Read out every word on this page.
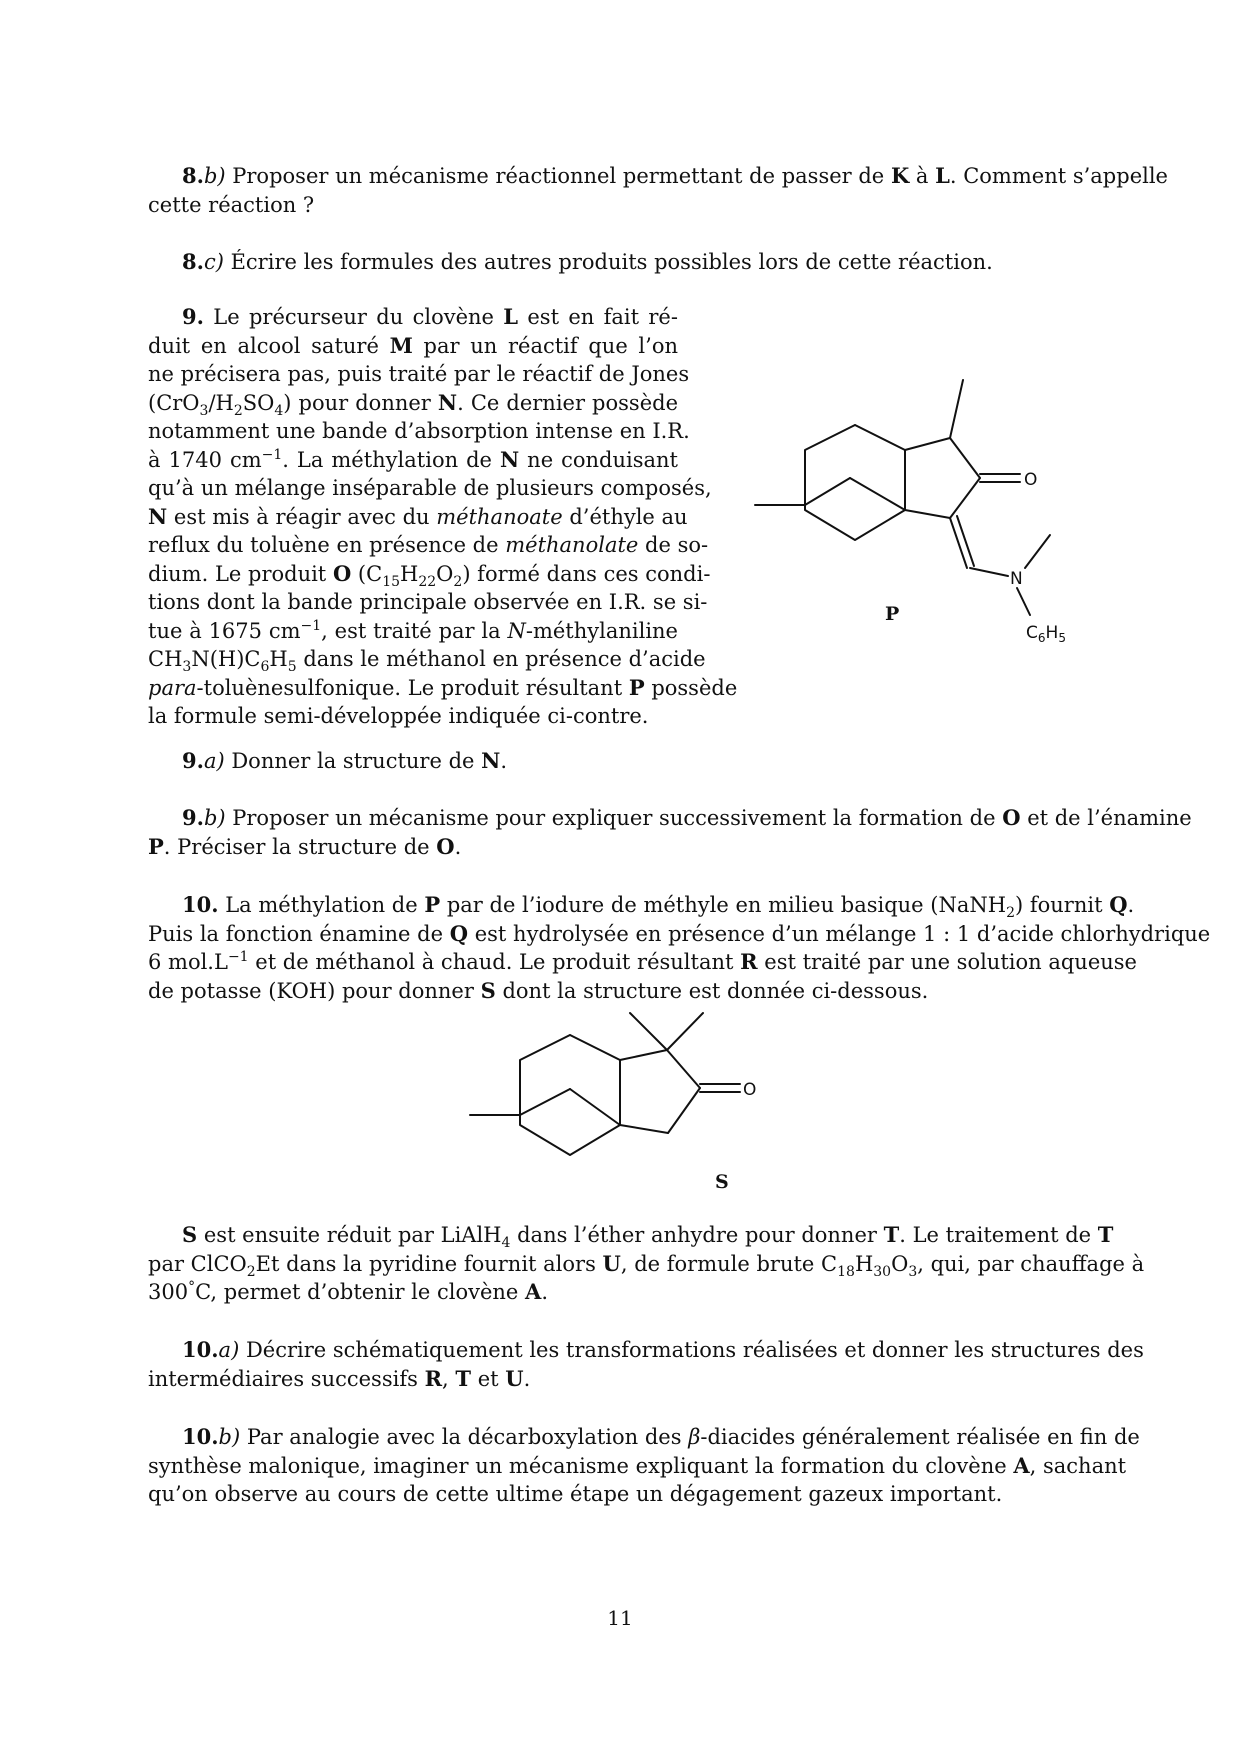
8.b) Proposer un mécanisme réactionnel permettant de passer de K à L. Comment s’appelle
cette réaction ?

8.c) Écrire les formules des autres produits possibles lors de cette réaction.

9. Le précurseur du clovène L est en fait ré-
duit en alcool saturé M par un réactif que l’on
ne précisera pas, puis traité par le réactif de Jones
$(CrO_3/H_2SO_4)$ pour donner N. Ce dernier possède
notamment une bande d’absorption intense en I.R.
à 1740 $cm^{-1}$. La méthylation de N ne conduisant
qu’à un mélange inséparable de plusieurs composés,
N est mis à réagir avec du méthanoate d’éthyle au
reflux du toluène en présence de méthanolate de so-
dium. Le produit O $(C_{15}H_{22}O_2)$ formé dans ces condi-
tions dont la bande principale observée en I.R. se si-
tue à 1675 $cm^{-1}$, est traité par la N-méthylaniline
$CH_3N(H)C_6H_5$ dans le méthanol en présence d’acide
para-toluènesulfonique. Le produit résultant P possède
la formule semi-développée indiquée ci-contre.

O
N
$C_6H_5$
P

9.a) Donner la structure de N.

9.b) Proposer un mécanisme pour expliquer successivement la formation de O et de l’énamine
P. Préciser la structure de O.

10. La méthylation de P par de l’iodure de méthyle en milieu basique (NaNH$_2$) fournit Q.
Puis la fonction énamine de Q est hydrolysée en présence d’un mélange 1 : 1 d’acide chlorhydrique
6 $mol.L^{-1}$ et de méthanol à chaud. Le produit résultant R est traité par une solution aqueuse
de potasse (KOH) pour donner S dont la structure est donnée ci-dessous.

O
S

S est ensuite réduit par LiAlH$_4$ dans l’éther anhydre pour donner T. Le traitement de T
par ClCO$_2$Et dans la pyridine fournit alors U, de formule brute $C_{18}H_{30}O_3$, qui, par chauffage à
300°C, permet d’obtenir le clovène A.

10.a) Décrire schématiquement les transformations réalisées et donner les structures des
intermédiaires successifs R, T et U.

10.b) Par analogie avec la décarboxylation des β-diacides généralement réalisée en fin de
synthèse malonique, imaginer un mécanisme expliquant la formation du clovène A, sachant
qu’on observe au cours de cette ultime étape un dégagement gazeux important.

11
